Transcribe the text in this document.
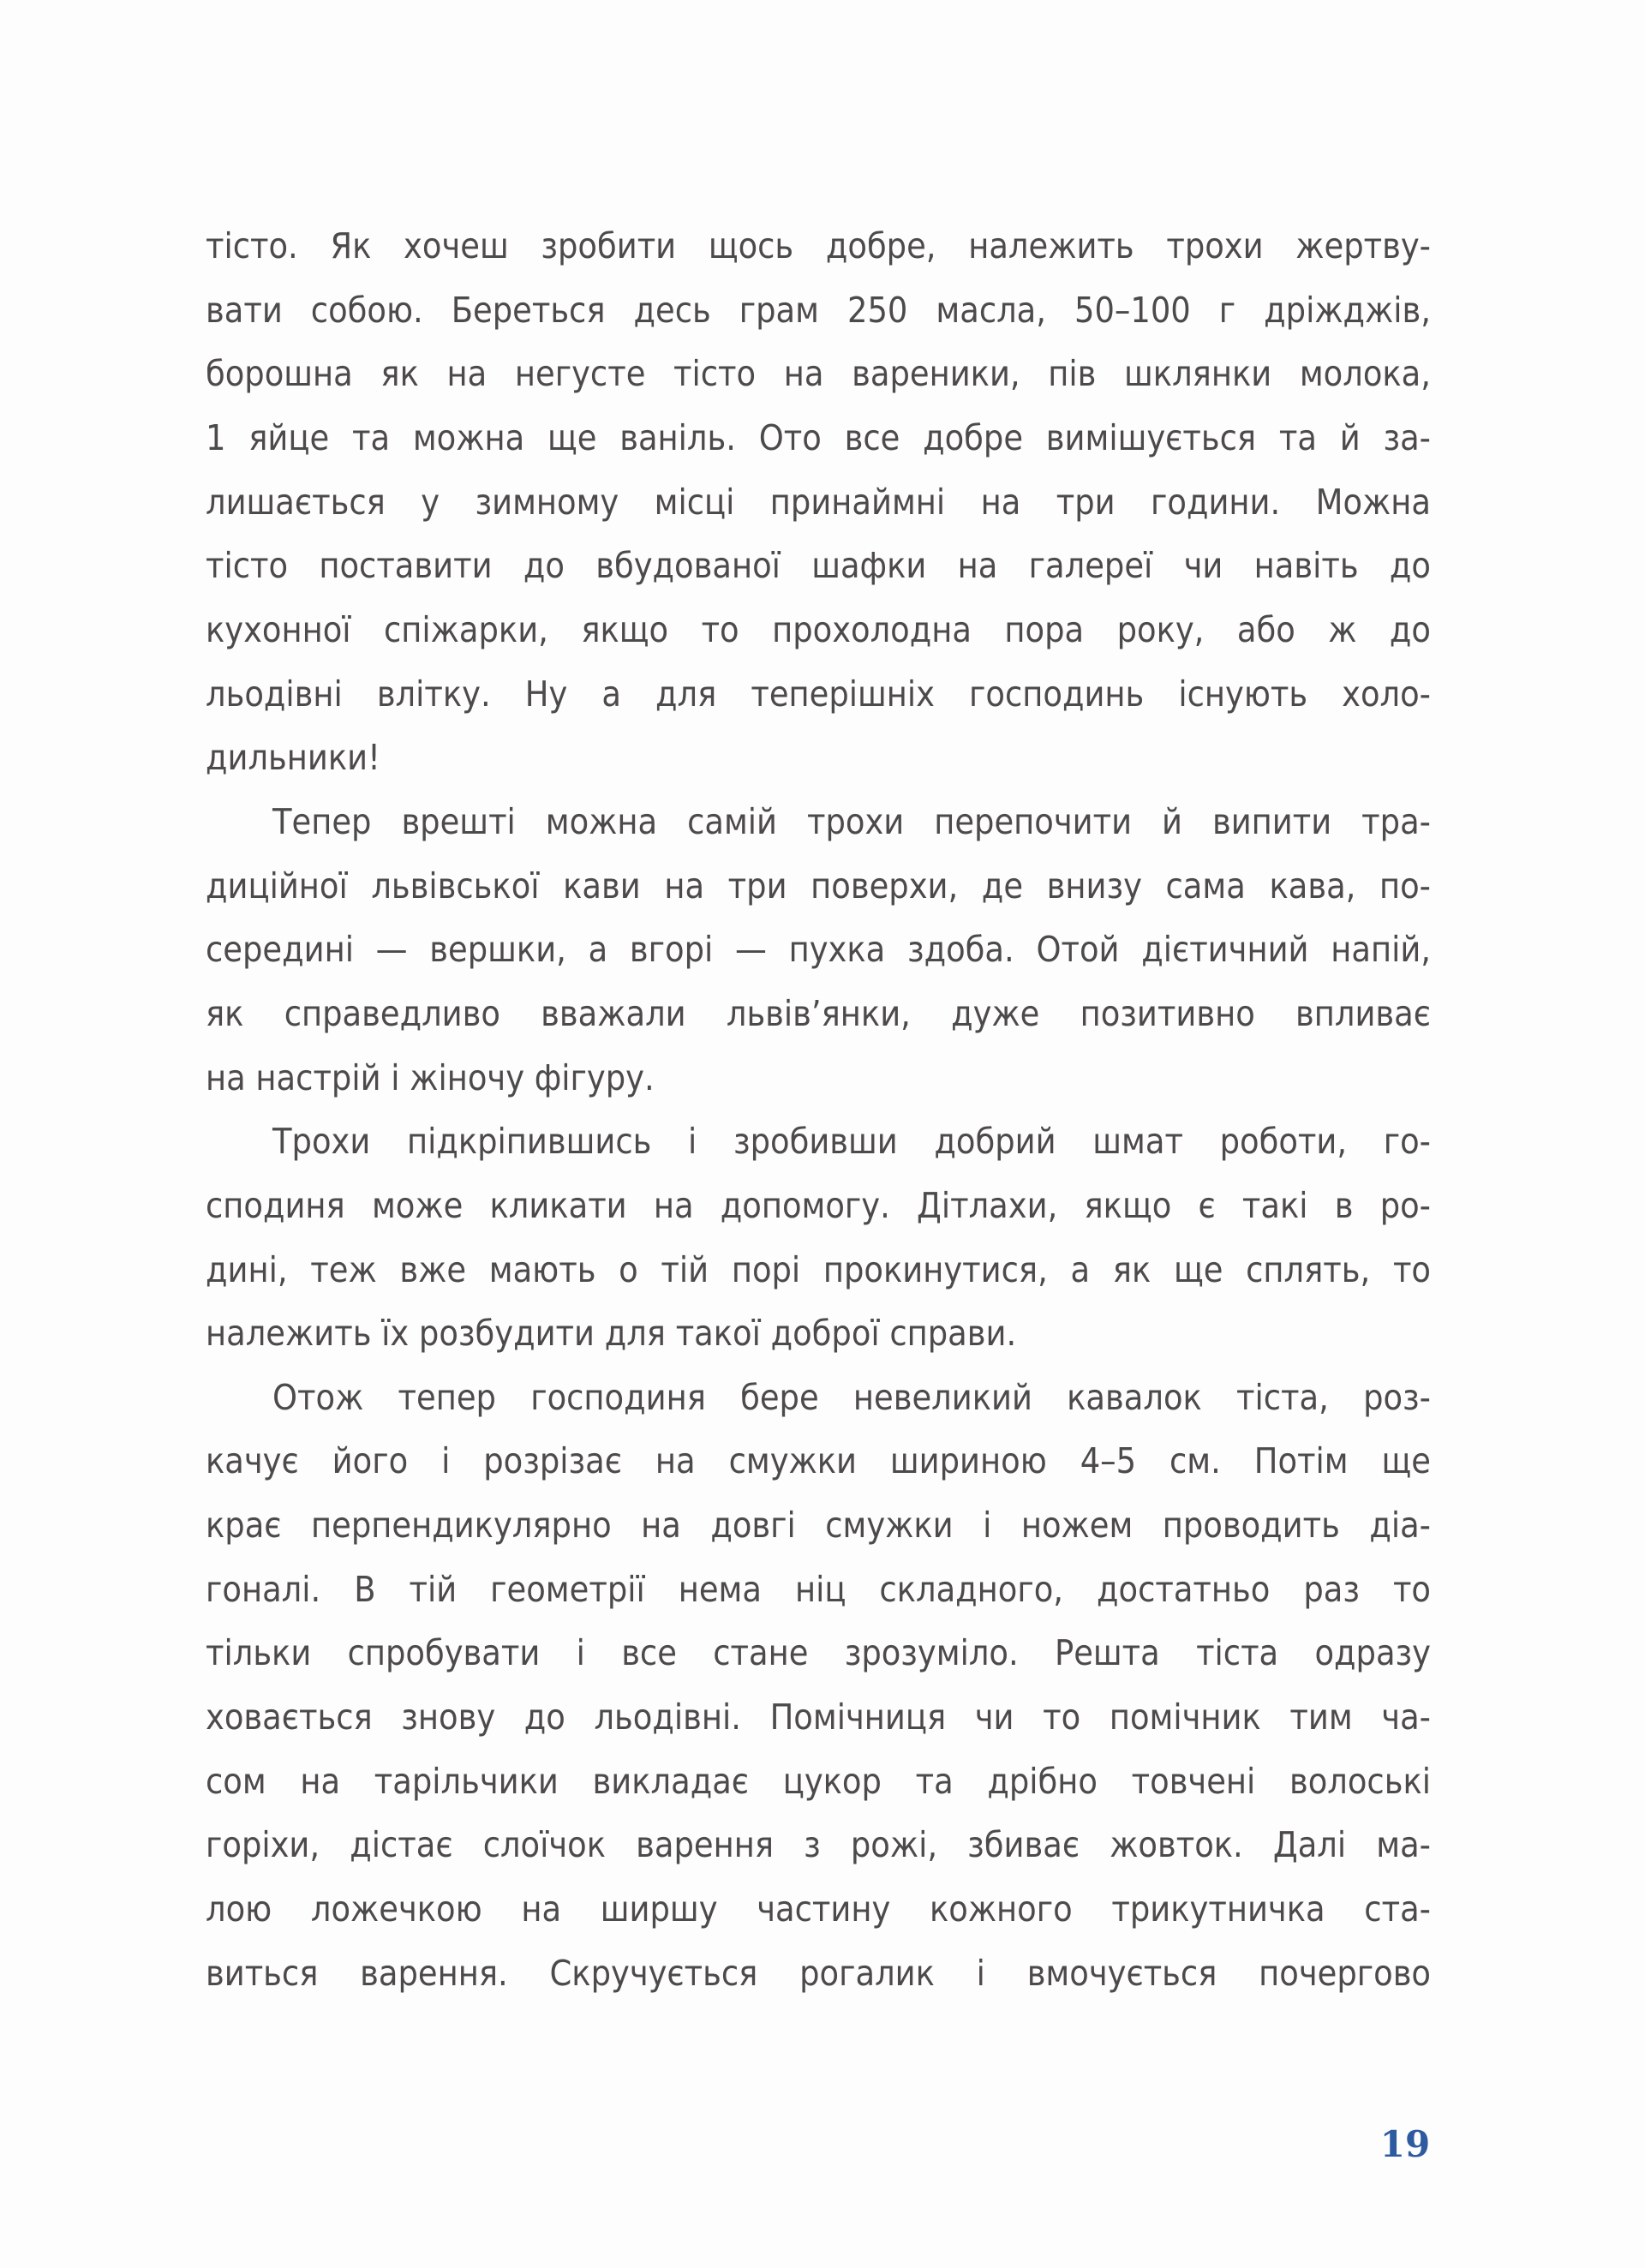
тісто. Як хочеш зробити щось добре, належить трохи жертву-
вати собою. Береться десь грам 250 масла, 50–100 г дріжджів,
борошна як на негусте тісто на вареники, пів шклянки молока,
1 яйце та можна ще ваніль. Ото все добре вимішується та й за-
лишається у зимному місці принаймні на три години. Можна
тісто поставити до вбудованої шафки на галереї чи навіть до
кухонної спіжарки, якщо то прохолодна пора року, або ж до
льодівні влітку. Ну а для теперішніх господинь існують холо-
дильники!
Тепер врешті можна самій трохи перепочити й випити тра-
диційної львівської кави на три поверхи, де внизу сама кава, по-
середині — вершки, а вгорі — пухка здоба. Отой дієтичний напій,
як справедливо вважали львів’янки, дуже позитивно впливає
на настрій і жіночу фігуру.
Трохи підкріпившись і зробивши добрий шмат роботи, го-
сподиня може кликати на допомогу. Дітлахи, якщо є такі в ро-
дині, теж вже мають о тій порі прокинутися, а як ще сплять, то
належить їх розбудити для такої доброї справи.
Отож тепер господиня бере невеликий кавалок тіста, роз-
качує його і розрізає на смужки шириною 4–5 см. Потім ще
крає перпендикулярно на довгі смужки і ножем проводить діа-
гоналі. В тій геометрії нема ніц складного, достатньо раз то
тільки спробувати і все стане зрозуміло. Решта тіста одразу
ховається знову до льодівні. Помічниця чи то помічник тим ча-
сом на тарільчики викладає цукор та дрібно товчені волоські
горіхи, дістає слоїчок варення з рожі, збиває жовток. Далі ма-
лою ложечкою на ширшу частину кожного трикутничка ста-
виться варення. Скручується рогалик і вмочується почергово
19
